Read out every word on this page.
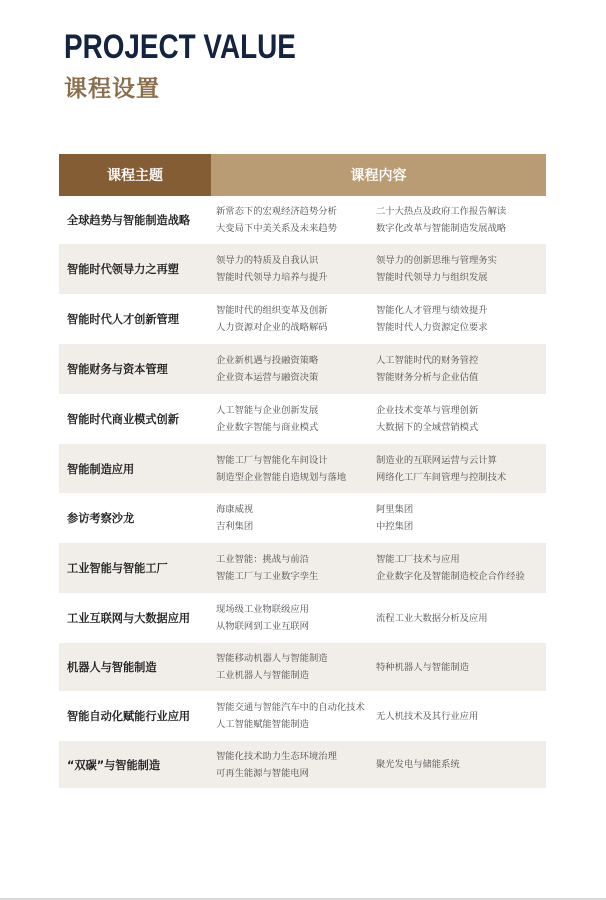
PROJECT VALUE
课程设置
课程主题	课程内容
全球趋势与智能制造战略
新常态下的宏观经济趋势分析
大变局下中美关系及未来趋势
二十大热点及政府工作报告解读
数字化改革与智能制造发展战略
智能时代领导力之再塑
领导力的特质及自我认识
智能时代领导力培养与提升
领导力的创新思维与管理务实
智能时代领导力与组织发展
智能时代人才创新管理
智能时代的组织变革及创新
人力资源对企业的战略解码
智能化人才管理与绩效提升
智能时代人力资源定位要求
智能财务与资本管理
企业新机遇与投融资策略
企业资本运营与融资决策
人工智能时代的财务管控
智能财务分析与企业估值
智能时代商业模式创新
人工智能与企业创新发展
企业数字智能与商业模式
企业技术变革与管理创新
大数据下的全域营销模式
智能制造应用
智能工厂与智能化车间设计
制造型企业智能自造规划与落地
制造业的互联网运营与云计算
网络化工厂车间管理与控制技术
参访考察沙龙
海康威视
吉利集团
阿里集团
中控集团
工业智能与智能工厂
工业智能：挑战与前沿
智能工厂与工业数字孪生
智能工厂技术与应用
企业数字化及智能制造校企合作经验
工业互联网与大数据应用
现场级工业物联级应用
从物联网到工业互联网
流程工业大数据分析及应用
机器人与智能制造
智能移动机器人与智能制造
工业机器人与智能制造
特种机器人与智能制造
智能自动化赋能行业应用
智能交通与智能汽车中的自动化技术
人工智能赋能智能制造
无人机技术及其行业应用
“双碳”与智能制造
智能化技术助力生态环境治理
可再生能源与智能电网
聚光发电与储能系统
